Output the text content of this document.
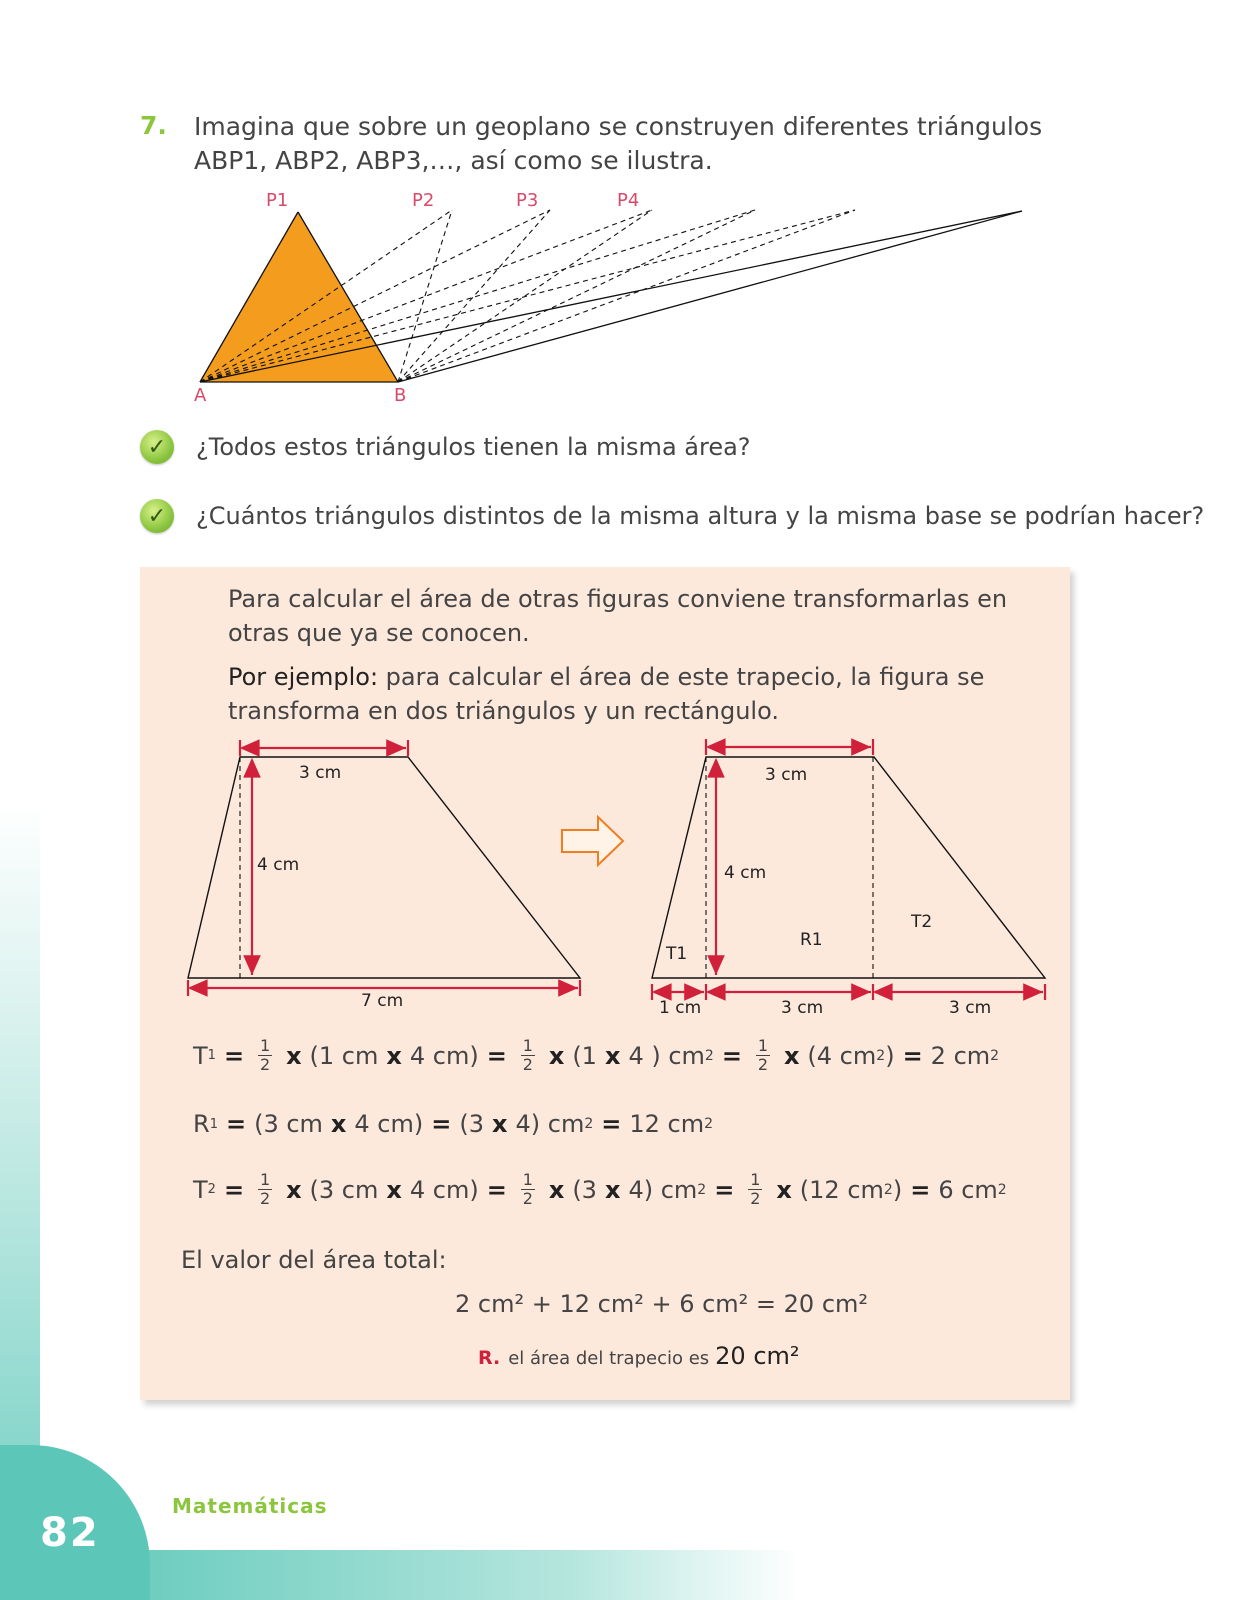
82
Matemáticas
7. Imagina que sobre un geoplano se construyen diferentes triángulos ABP1, ABP2, ABP3,…, así como se ilustra.
P1	P2	P3	P4
A	B
✓	¿Todos estos triángulos tienen la misma área?
✓	¿Cuántos triángulos distintos de la misma altura y la misma base se podrían hacer?
Para calcular el área de otras figuras conviene transformarlas en otras que ya se conocen.
Por ejemplo: para calcular el área de este trapecio, la figura se transforma en dos triángulos y un rectángulo.
3 cm
4 cm
7 cm
3 cm
4 cm
T1
R1
T2
1 cm	3 cm	3 cm
T $1 = \frac{1}{2}$ x (1 cm x 4 $cm) = \frac{1}{2}$ x (1 x 4 ) cm $2 = \frac{1}{2}$ x (4 cm 2 ) = 2 cm 2
R 1 = (3 cm x 4 cm) = (3 x 4) cm 2 = 12 cm 2
T $2 = \frac{1}{2}$ x (3 cm x 4 $cm) = \frac{1}{2}$ x (3 x 4) cm $2 = \frac{1}{2}$ x (12 cm 2 ) = 6 cm 2
El valor del área total:
2 cm² + 12 cm² + 6 cm² = 20 cm²
R. el área del trapecio es 20 cm²
